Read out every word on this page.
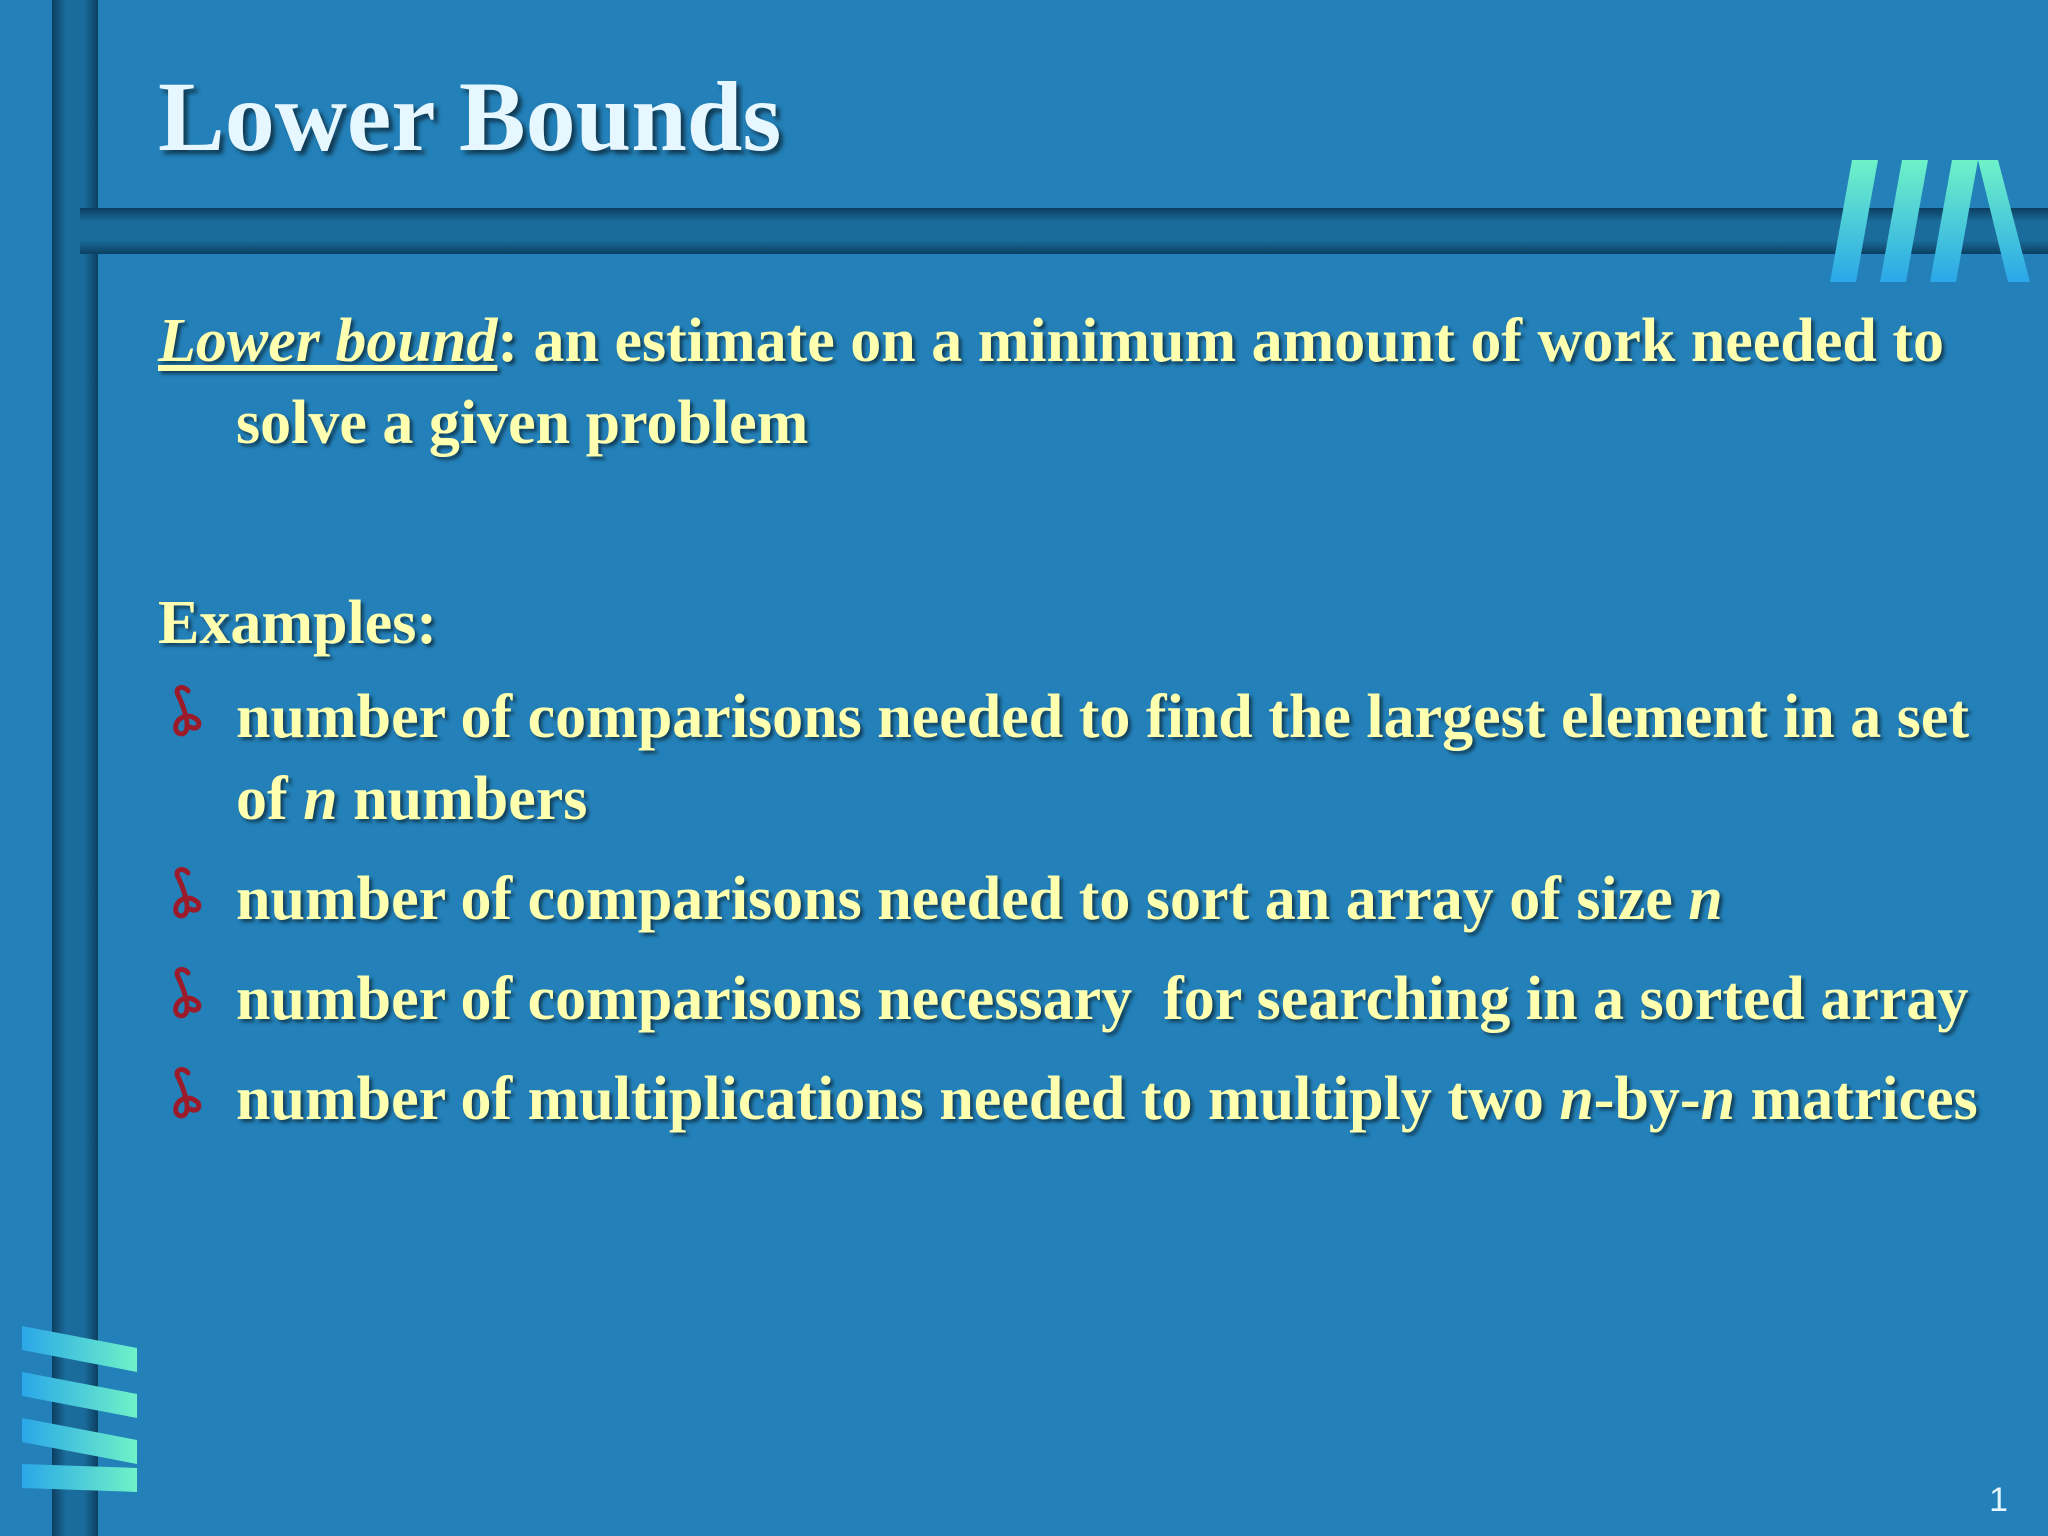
Lower Bounds

Lower bound: an estimate on a minimum amount of work needed to solve a given problem

Examples:

number of comparisons needed to find the largest element in a set of n numbers
number of comparisons needed to sort an array of size n
number of comparisons necessary  for searching in a sorted array
number of multiplications needed to multiply two n-by-n matrices
1
